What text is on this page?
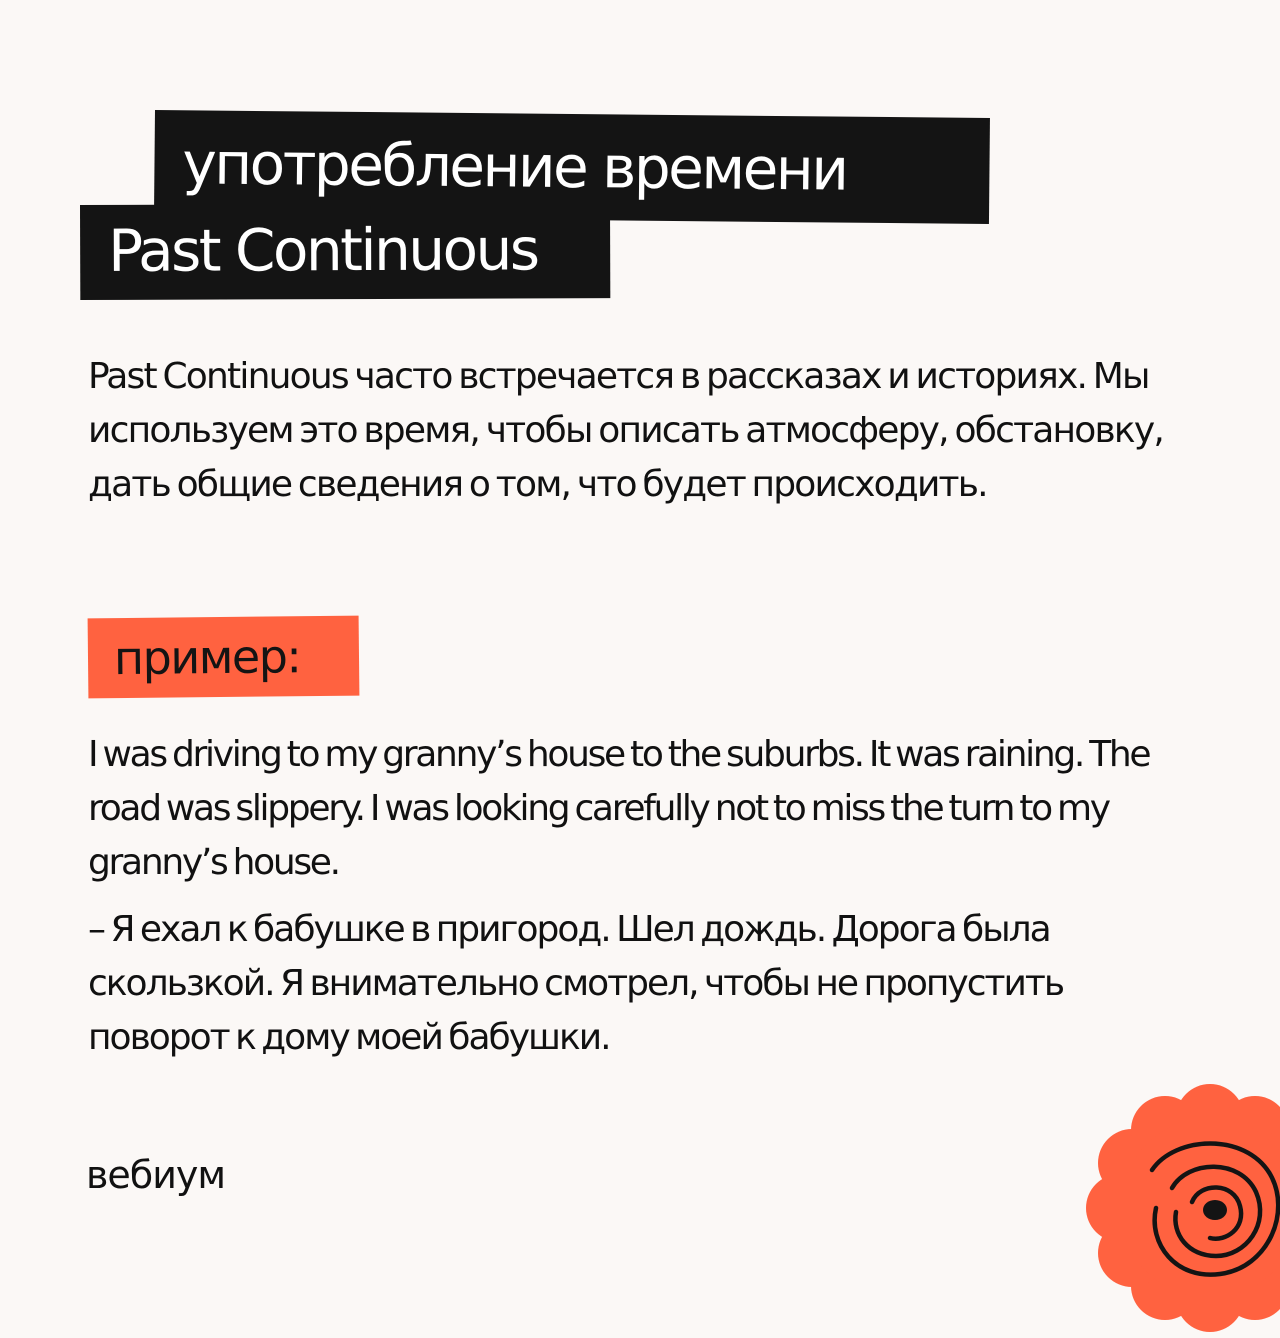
употребление времени
Past Continuous

Past Continuous часто встречается в рассказах и историях. Мы используем это время, чтобы описать атмосферу, обстановку, дать общие сведения о том, что будет происходить.

пример:

I was driving to my granny’s house to the suburbs. It was raining. The road was slippery. I was looking carefully not to miss the turn to my granny’s house.

– Я ехал к бабушке в пригород. Шел дождь. Дорога была скользкой. Я внимательно смотрел, чтобы не пропустить поворот к дому моей бабушки.

вебиум
